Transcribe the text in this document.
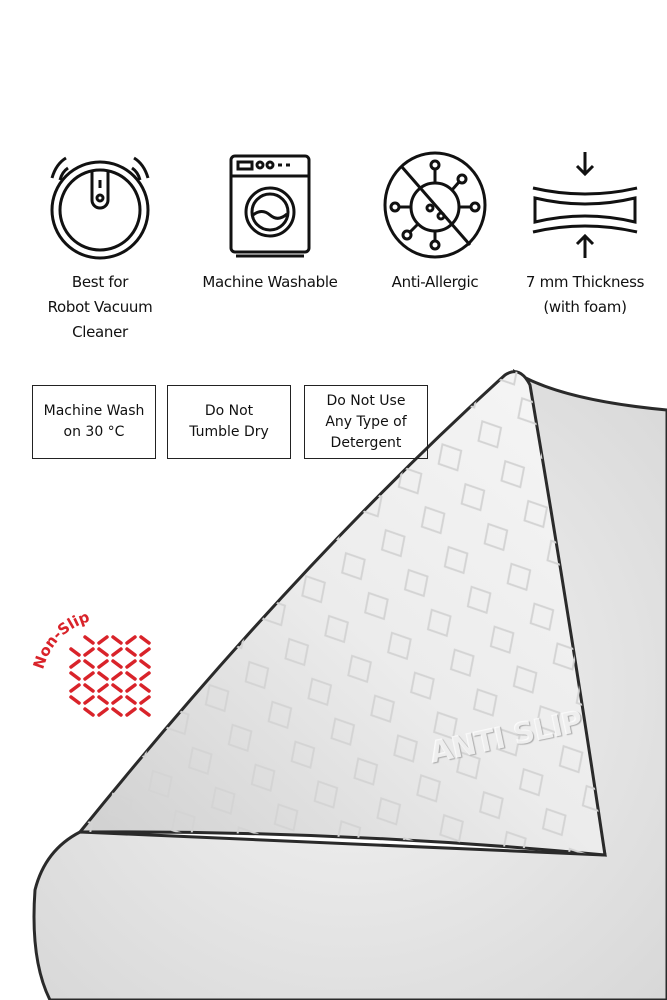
ANTI SLIP
Best for
Robot Vacuum
Cleaner
Machine Washable	Anti-Allergic	7 mm Thickness
(with foam)
Machine Wash
on 30 °C
Do Not
Tumble Dry
Do Not Use
Any Type of
Detergent
Non-Slip
